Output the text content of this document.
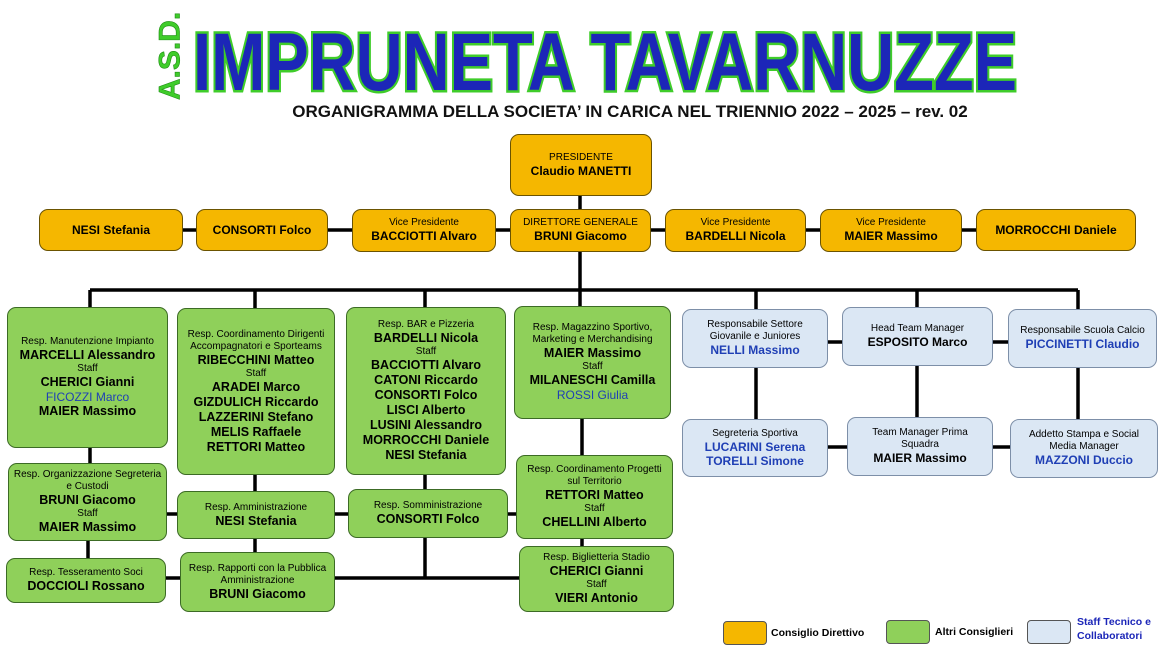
A.S.D. IMPRUNETA TAVARNUZZE
ORGANIGRAMMA DELLA SOCIETA’ IN CARICA NEL TRIENNIO 2022 – 2025 – rev. 02
PRESIDENTE
Claudio MANETTI
NESI Stefania	CONSORTI Folco	Vice Presidente
BACCIOTTI Alvaro
DIRETTORE GENERALE
BRUNI Giacomo
Vice Presidente
BARDELLI Nicola
Vice Presidente
MAIER Massimo	MORROCCHI Daniele
Resp. Manutenzione Impianto
MARCELLI Alessandro
Staff
CHERICI Gianni
FICOZZI Marco
MAIER Massimo
Resp. Organizzazione Segreteria e Custodi
BRUNI Giacomo
Staff
MAIER Massimo
Resp. Tesseramento Soci
DOCCIOLI Rossano
Resp. Coordinamento Dirigenti Accompagnatori e Sporteams
RIBECCHINI Matteo
Staff
ARADEI Marco
GIZDULICH Riccardo
LAZZERINI Stefano
MELIS Raffaele
RETTORI Matteo
Resp. Amministrazione
NESI Stefania
Resp. Rapporti con la Pubblica Amministrazione
BRUNI Giacomo
Resp. BAR e Pizzeria
BARDELLI Nicola
Staff
BACCIOTTI Alvaro
CATONI Riccardo
CONSORTI Folco
LISCI Alberto
LUSINI Alessandro
MORROCCHI Daniele
NESI Stefania
Resp. Somministrazione
CONSORTI Folco
Resp. Magazzino Sportivo, Marketing e Merchandising
MAIER Massimo
Staff
MILANESCHI Camilla
ROSSI Giulia
Resp. Coordinamento Progetti sul Territorio
RETTORI Matteo
Staff
CHELLINI Alberto
Resp. Biglietteria Stadio
CHERICI Gianni
Staff
VIERI Antonio
Responsabile Settore Giovanile e Juniores
NELLI Massimo
Head Team Manager
ESPOSITO Marco
Responsabile Scuola Calcio
PICCINETTI Claudio
Segreteria Sportiva
LUCARINI Serena
TORELLI Simone
Team Manager Prima Squadra
MAIER Massimo
Addetto Stampa e Social Media Manager
MAZZONI Duccio
Consiglio Direttivo	Altri Consiglieri
Staff Tecnico e Collaboratori
